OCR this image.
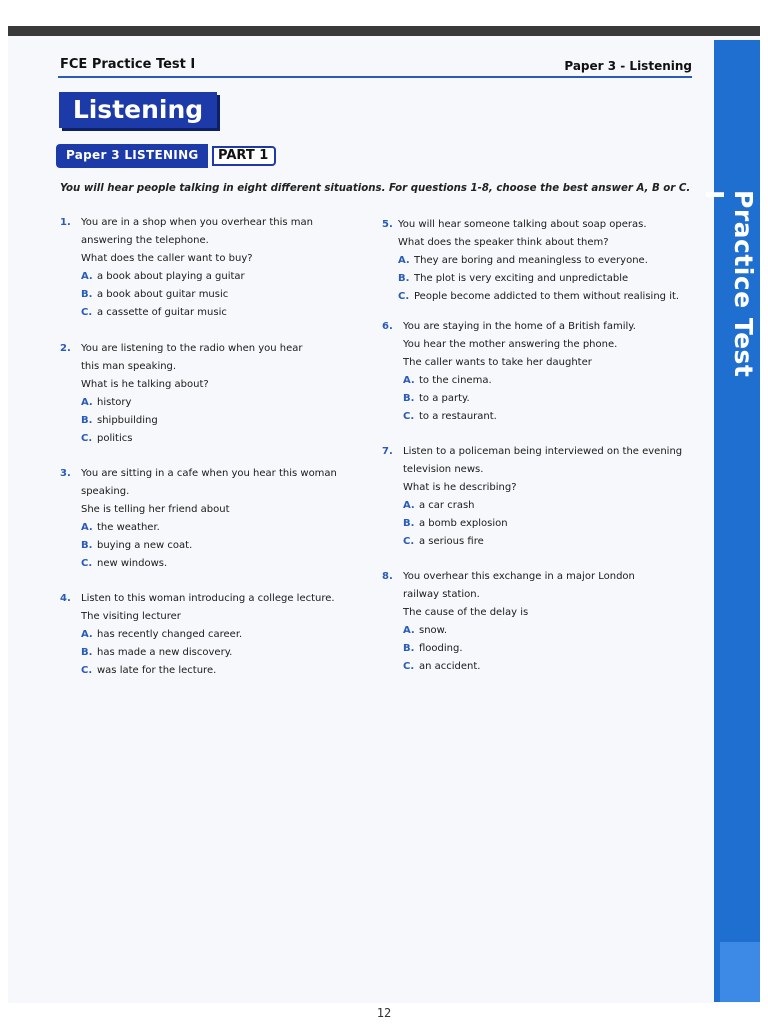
Practice Test I
FCE Practice Test I	Paper 3 - Listening
Listening
Paper 3 LISTENING PART 1
You will hear people talking in eight different situations. For questions 1-8, choose the best answer A, B or C.
1. You are in a shop when you overhear this man
answering the telephone.
What does the caller want to buy?
A. a book about playing a guitar
B. a book about guitar music
C. a cassette of guitar music
2. You are listening to the radio when you hear
this man speaking.
What is he talking about?
A. history
B. shipbuilding
C. politics
3. You are sitting in a cafe when you hear this woman
speaking.
She is telling her friend about
A. the weather.
B. buying a new coat.
C. new windows.
4. Listen to this woman introducing a college lecture.
The visiting lecturer
A. has recently changed career.
B. has made a new discovery.
C. was late for the lecture.
5. You will hear someone talking about soap operas.
What does the speaker think about them?
A. They are boring and meaningless to everyone.
B. The plot is very exciting and unpredictable
C. People become addicted to them without realising it.
6. You are staying in the home of a British family.
You hear the mother answering the phone.
The caller wants to take her daughter
A. to the cinema.
B. to a party.
C. to a restaurant.
7. Listen to a policeman being interviewed on the evening
television news.
What is he describing?
A. a car crash
B. a bomb explosion
C. a serious fire
8. You overhear this exchange in a major London
railway station.
The cause of the delay is
A. snow.
B. flooding.
C. an accident.
12
